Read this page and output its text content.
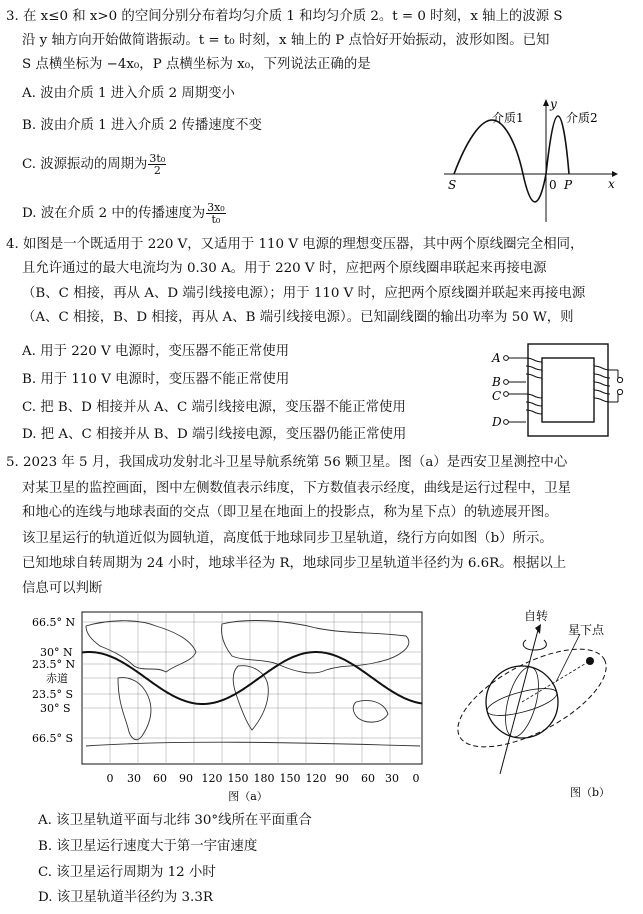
3. 在 x≤0 和 x>0 的空间分别分布着均匀介质 1 和均匀介质 2。t = 0 时刻，x 轴上的波源 S
沿 y 轴方向开始做简谐振动。t = t₀ 时刻，x 轴上的 P 点恰好开始振动，波形如图。已知
S 点横坐标为 −4x₀，P 点横坐标为 x₀，下列说法正确的是
A. 波由介质 1 进入介质 2 周期变小
B. 波由介质 1 进入介质 2 传播速度不变
C. 波源振动的周期为 $\frac{\text{3t₀}}{2}$
D. 波在介质 2 中的传播速度为 $\frac{\text{3x₀}}{\text{t₀}}$
介质1	介质2
y
x
S	0 P
4. 如图是一个既适用于 220 V，又适用于 110 V 电源的理想变压器，其中两个原线圈完全相同，
且允许通过的最大电流均为 0.30 A。用于 220 V 时，应把两个原线圈串联起来再接电源
（B、C 相接，再从 A、D 端引线接电源）；用于 110 V 时，应把两个原线圈并联起来再接电源
（A、C 相接，B、D 相接，再从 A、B 端引线接电源）。已知副线圈的输出功率为 50 W，则
A. 用于 220 V 电源时，变压器不能正常使用
B. 用于 110 V 电源时，变压器不能正常使用
C. 把 B、D 相接并从 A、C 端引线接电源，变压器不能正常使用
D. 把 A、C 相接并从 B、D 端引线接电源，变压器仍能正常使用
A
B
C
D
5. 2023 年 5 月，我国成功发射北斗卫星导航系统第 56 颗卫星。图（a）是西安卫星测控中心
对某卫星的监控画面，图中左侧数值表示纬度，下方数值表示经度，曲线是运行过程中，卫星
和地心的连线与地球表面的交点（即卫星在地面上的投影点，称为星下点）的轨迹展开图。
该卫星运行的轨道近似为圆轨道，高度低于地球同步卫星轨道，绕行方向如图（b）所示。
已知地球自转周期为 24 小时，地球半径为 R，地球同步卫星轨道半径约为 6.6R。根据以上
信息可以判断
66.5° N
30° N
23.5° N
赤道
23.5° S
30° S
66.5° S
0 30 60 90 120 150 180 150 120 90 60 30 0
图（a）
自转
星下点
图（b）
A. 该卫星轨道平面与北纬 30°线所在平面重合
B. 该卫星运行速度大于第一宇宙速度
C. 该卫星运行周期为 12 小时
D. 该卫星轨道半径约为 3.3R
